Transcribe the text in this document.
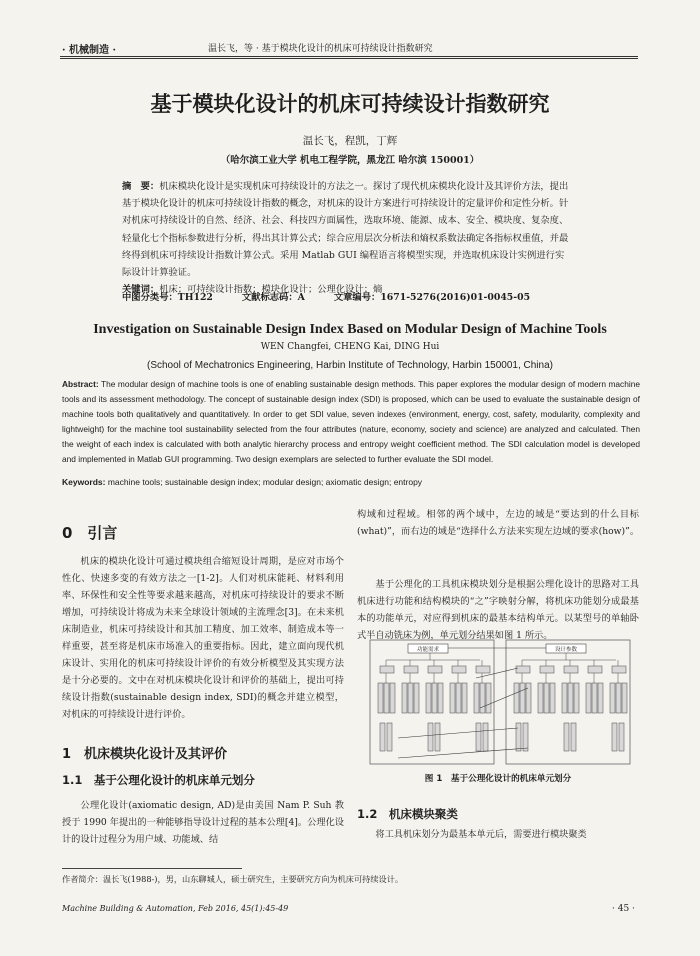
· 机械制造 ·	温长飞，等 · 基于模块化设计的机床可持续设计指数研究
基于模块化设计的机床可持续设计指数研究
温长飞，程凯，丁辉
（哈尔滨工业大学 机电工程学院，黑龙江 哈尔滨 150001）
摘　要：机床模块化设计是实现机床可持续设计的方法之一。探讨了现代机床模块化设计及其评价方法，提出基于模块化设计的机床可持续设计指数的概念，对机床的设计方案进行可持续设计的定量评价和定性分析。针对机床可持续设计的自然、经济、社会、科技四方面属性，选取环境、能源、成本、安全、模块度、复杂度、轻量化七个指标参数进行分析，得出其计算公式；综合应用层次分析法和熵权系数法确定各指标权重值，并最终得到机床可持续设计指数计算公式。采用 Matlab GUI 编程语言将模型实现，并选取机床设计实例进行实际设计计算验证。
关键词：机床；可持续设计指数；模块化设计；公理化设计；熵
中图分类号：TH122	文献标志码：A	文章编号：1671-5276(2016)01-0045-05
Investigation on Sustainable Design Index Based on Modular Design of Machine Tools
WEN Changfei, CHENG Kai, DING Hui
(School of Mechatronics Engineering, Harbin Institute of Technology, Harbin 150001, China)
Abstract: The modular design of machine tools is one of enabling sustainable design methods. This paper explores the modular design of modern machine tools and its assessment methodology. The concept of sustainable design index (SDI) is proposed, which can be used to evaluate the sustainable design of machine tools both qualitatively and quantitatively. In order to get SDI value, seven indexes (environment, energy, cost, safety, modularity, complexity and lightweight) for the machine tool sustainability selected from the four attributes (nature, economy, society and science) are analyzed and calculated. Then the weight of each index is calculated with both analytic hierarchy process and entropy weight coefficient method. The SDI calculation model is developed and implemented in Matlab GUI programming. Two design exemplars are selected to further evaluate the SDI model.
Keywords: machine tools; sustainable design index; modular design; axiomatic design; entropy
0　引言

机床的模块化设计可通过模块组合缩短设计周期，是应对市场个性化、快速多变的有效方法之一[1-2]。人们对机床能耗、材料利用率、环保性和安全性等要求越来越高，对机床可持续设计的要求不断增加，可持续设计将成为未来全球设计领域的主流理念[3]。在未来机床制造业，机床可持续设计和其加工精度、加工效率、制造成本等一样重要，甚至将是机床市场准入的重要指标。因此，建立面向现代机床设计、实用化的机床可持续设计评价的有效分析模型及其实现方法是十分必要的。文中在对机床模块化设计和评价的基础上，提出可持续设计指数(sustainable design index, SDI)的概念并建立模型，对机床的可持续设计进行评价。

1　机床模块化设计及其评价
1.1　基于公理化设计的机床单元划分

公理化设计(axiomatic design, AD)是由美国 Nam P. Suh 教授于 1990 年提出的一种能够指导设计过程的基本公理[4]。公理化设计的设计过程分为用户域、功能域、结

构域和过程域。相邻的两个域中，左边的域是“要达到的什么目标(what)”，而右边的域是“选择什么方法来实现左边域的要求(how)”。

基于公理化的工具机床模块划分是根据公理化设计的思路对工具机床进行功能和结构模块的“之”字映射分解，将机床功能划分成最基本的功能单元，对应得到机床的最基本结构单元。以某型号的单轴卧式半自动铣床为例，单元划分结果如图 1 所示。

功能需求	设计参数
图 1　基于公理化设计的机床单元划分
1.2　机床模块聚类

将工具机床划分为最基本单元后，需要进行模块聚类

作者简介：温长飞(1988-)，男，山东聊城人，硕士研究生，主要研究方向为机床可持续设计。
Machine Building & Automation, Feb 2016, 45(1):45-49	· 45 ·
